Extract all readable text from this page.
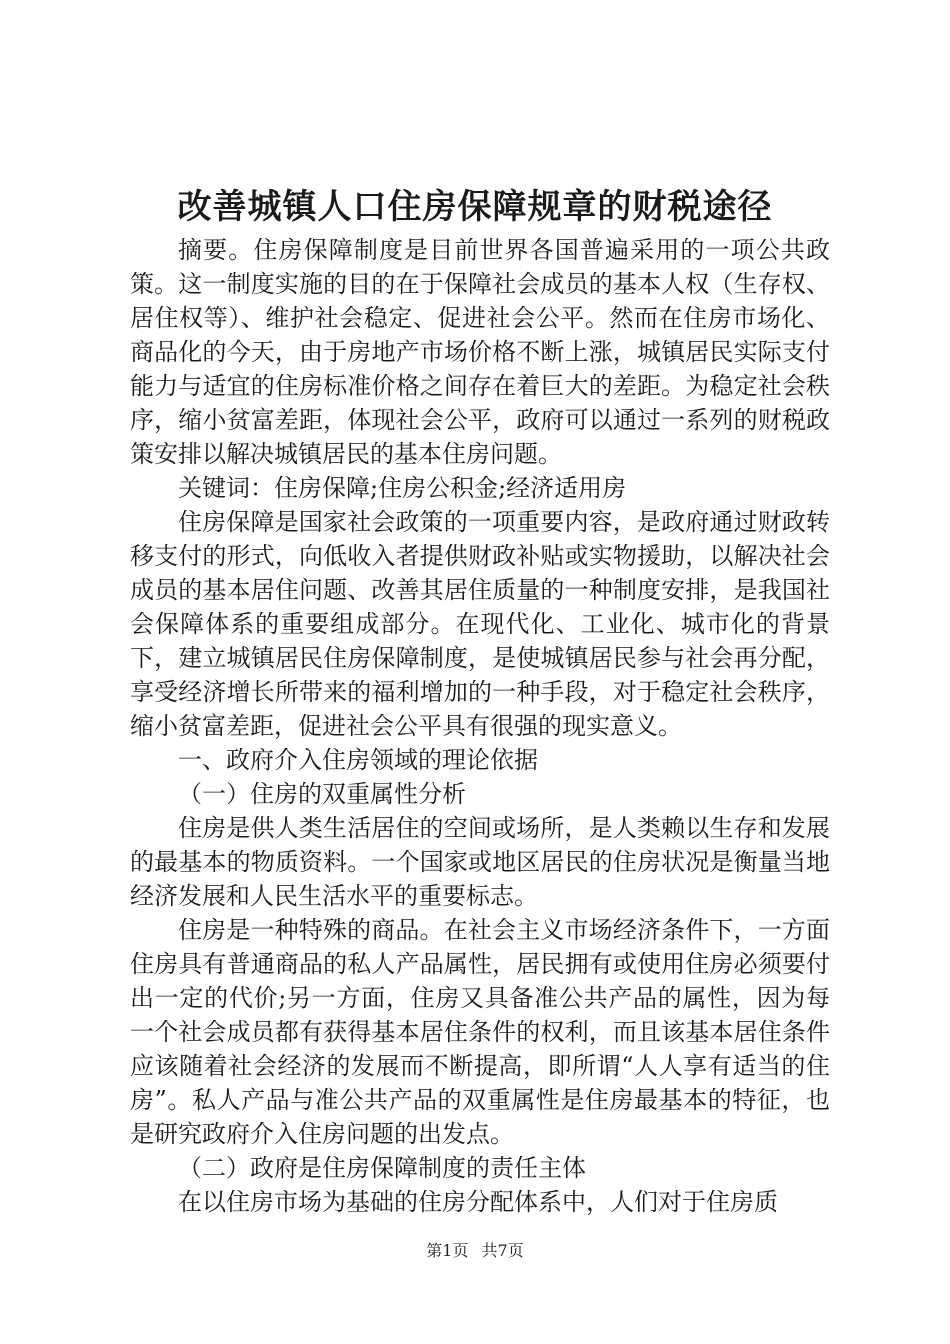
改善城镇人口住房保障规章的财税途径

摘要。住房保障制度是目前世界各国普遍采用的一项公共政策。这一制度实施的目的在于保障社会成员的基本人权（生存权、居住权等）、维护社会稳定、促进社会公平。然而在住房市场化、商品化的今天，由于房地产市场价格不断上涨，城镇居民实际支付能力与适宜的住房标准价格之间存在着巨大的差距。为稳定社会秩序，缩小贫富差距，体现社会公平，政府可以通过一系列的财税政策安排以解决城镇居民的基本住房问题。

关键词：住房保障;住房公积金;经济适用房

住房保障是国家社会政策的一项重要内容，是政府通过财政转移支付的形式，向低收入者提供财政补贴或实物援助，以解决社会成员的基本居住问题、改善其居住质量的一种制度安排，是我国社会保障体系的重要组成部分。在现代化、工业化、城市化的背景下，建立城镇居民住房保障制度，是使城镇居民参与社会再分配，享受经济增长所带来的福利增加的一种手段，对于稳定社会秩序，缩小贫富差距，促进社会公平具有很强的现实意义。

一、政府介入住房领域的理论依据

（一）住房的双重属性分析

住房是供人类生活居住的空间或场所，是人类赖以生存和发展的最基本的物质资料。一个国家或地区居民的住房状况是衡量当地经济发展和人民生活水平的重要标志。

住房是一种特殊的商品。在社会主义市场经济条件下，一方面住房具有普通商品的私人产品属性，居民拥有或使用住房必须要付出一定的代价;另一方面，住房又具备准公共产品的属性，因为每一个社会成员都有获得基本居住条件的权利，而且该基本居住条件应该随着社会经济的发展而不断提高，即所谓“人人享有适当的住房”。私人产品与准公共产品的双重属性是住房最基本的特征，也是研究政府介入住房问题的出发点。

（二）政府是住房保障制度的责任主体

在以住房市场为基础的住房分配体系中，人们对于住房质

第1页 共7页
